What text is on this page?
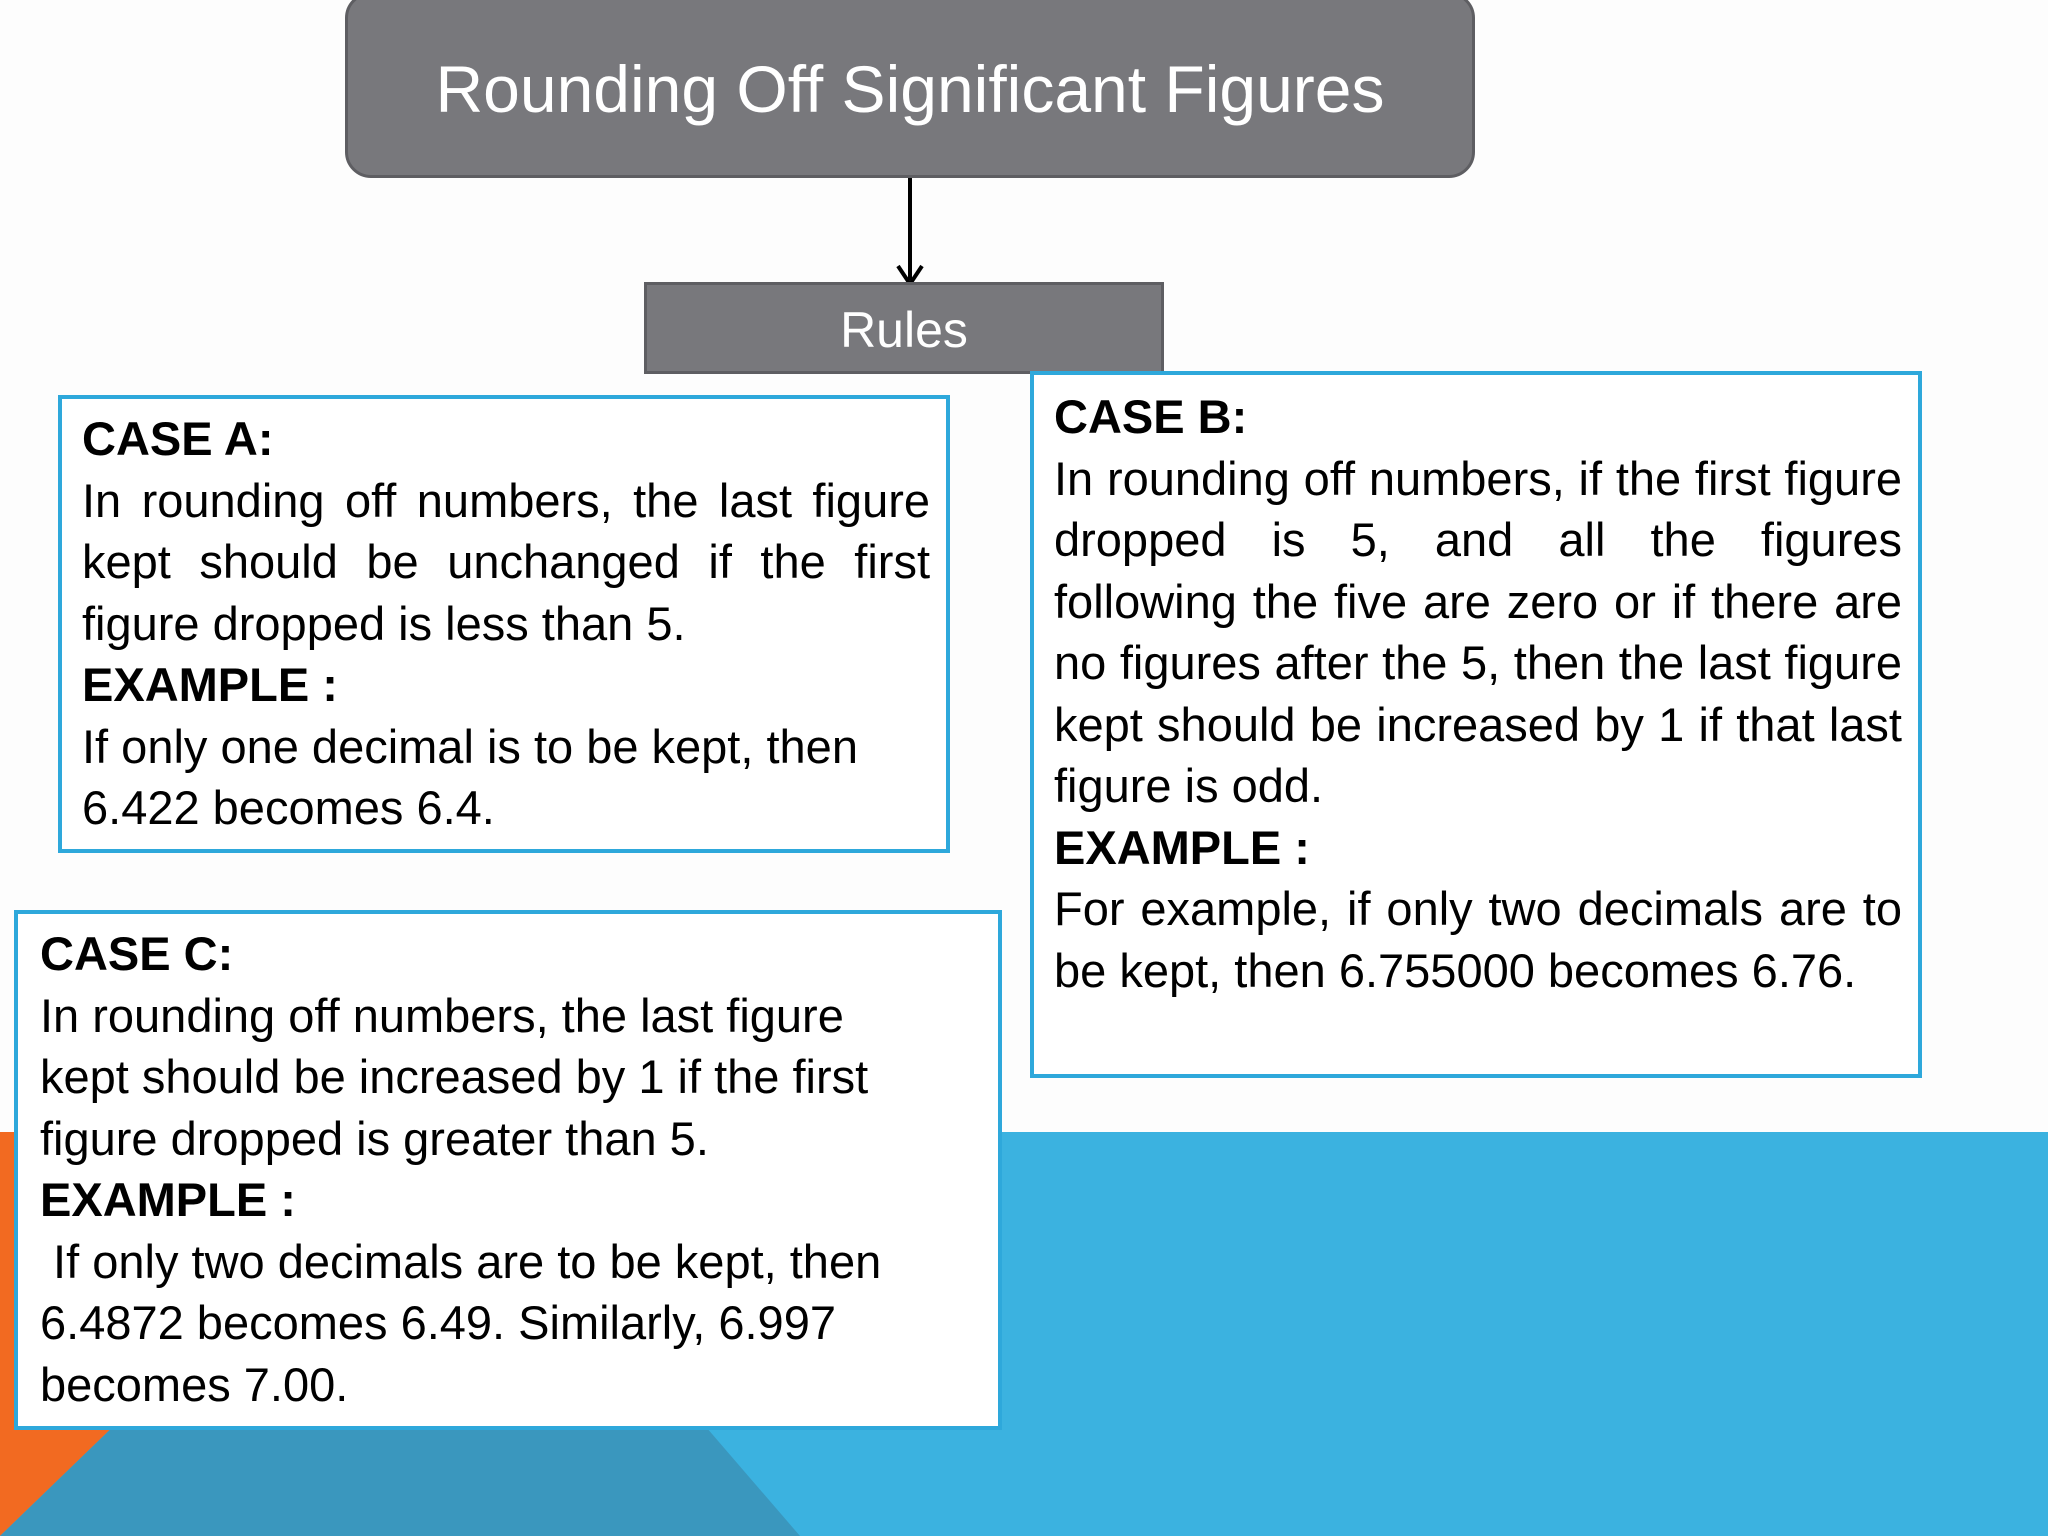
Rounding Off Significant Figures
Rules

CASE A:

In rounding off numbers, the last figure kept should be unchanged if the first figure dropped is less than 5.

EXAMPLE :

If only one decimal is to be kept, then 6.422 becomes 6.4.

CASE B:

In rounding off numbers, if the first figure dropped is 5, and all the figures following the five are zero or if there are no figures after the 5, then the last figure kept should be increased by 1 if that last figure is odd.

EXAMPLE :

For example, if only two decimals are to be kept, then 6.755000 becomes 6.76.

CASE C:

In rounding off numbers, the last figure

kept should be increased by 1 if the first

figure dropped is greater than 5.

EXAMPLE :

If only two decimals are to be kept, then

6.4872 becomes 6.49. Similarly, 6.997

becomes 7.00.
